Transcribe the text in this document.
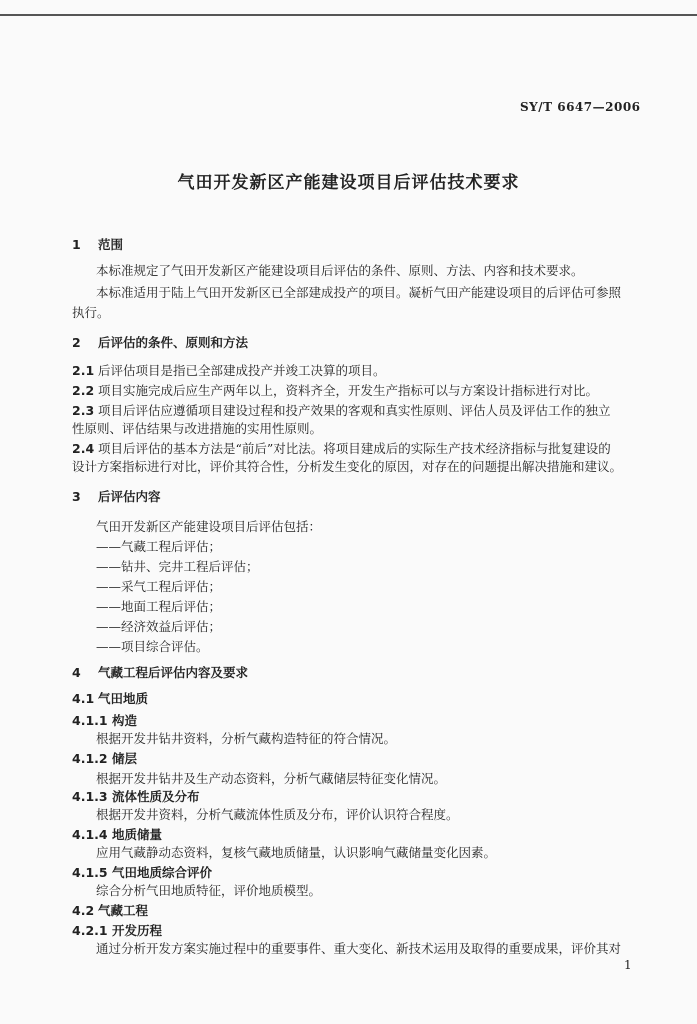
SY/T 6647—2006
气田开发新区产能建设项目后评估技术要求
1 范围
本标准规定了气田开发新区产能建设项目后评估的条件、原则、方法、内容和技术要求。
本标准适用于陆上气田开发新区已全部建成投产的项目。凝析气田产能建设项目的后评估可参照
执行。
2 后评估的条件、原则和方法
2.1 后评估项目是指已全部建成投产并竣工决算的项目。
2.2 项目实施完成后应生产两年以上，资料齐全，开发生产指标可以与方案设计指标进行对比。
2.3 项目后评估应遵循项目建设过程和投产效果的客观和真实性原则、评估人员及评估工作的独立
性原则、评估结果与改进措施的实用性原则。
2.4 项目后评估的基本方法是“前后”对比法。将项目建成后的实际生产技术经济指标与批复建设的
设计方案指标进行对比，评价其符合性，分析发生变化的原因，对存在的问题提出解决措施和建议。
3 后评估内容
气田开发新区产能建设项目后评估包括：
——气藏工程后评估；
——钻井、完井工程后评估；
——采气工程后评估；
——地面工程后评估；
——经济效益后评估；
——项目综合评估。
4 气藏工程后评估内容及要求
4.1 气田地质
4.1.1 构造
根据开发井钻井资料，分析气藏构造特征的符合情况。
4.1.2 储层
根据开发井钻井及生产动态资料，分析气藏储层特征变化情况。
4.1.3 流体性质及分布
根据开发井资料，分析气藏流体性质及分布，评价认识符合程度。
4.1.4 地质储量
应用气藏静动态资料，复核气藏地质储量，认识影响气藏储量变化因素。
4.1.5 气田地质综合评价
综合分析气田地质特征，评价地质模型。
4.2 气藏工程
4.2.1 开发历程
通过分析开发方案实施过程中的重要事件、重大变化、新技术运用及取得的重要成果，评价其对
1
